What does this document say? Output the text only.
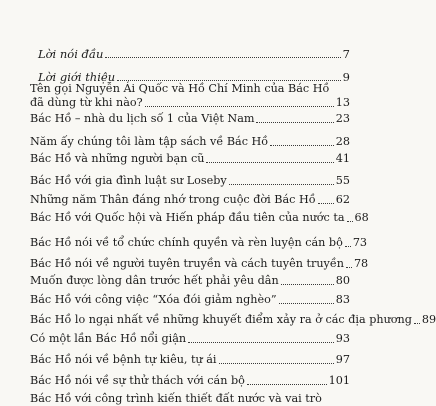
Lời nói đầu	7
Lời giới thiệu	9
Tên gọi Nguyễn Ái Quốc và Hồ Chí Minh của Bác Hồ
đã dùng từ khi nào?	13
Bác Hồ – nhà du lịch số 1 của Việt Nam	23
Năm ấy chúng tôi làm tập sách về Bác Hồ	28
Bác Hồ và những người bạn cũ	41
Bác Hồ với gia đình luật sư Loseby	55
Những năm Thân đáng nhớ trong cuộc đời Bác Hồ 62
Bác Hồ với Quốc hội và Hiến pháp đầu tiên của nước ta 68
Bác Hồ nói về tổ chức chính quyền và rèn luyện cán bộ 73
Bác Hồ nói về người tuyên truyền và cách tuyên truyền 78
Muốn được lòng dân trước hết phải yêu dân	80
Bác Hồ với công việc “Xóa đói giảm nghèo”	83
Bác Hồ lo ngại nhất về những khuyết điểm xảy ra ở các địa phương 89
Có một lần Bác Hồ nổi giận	93
Bác Hồ nói về bệnh tự kiêu, tự ái	97
Bác Hồ nói về sự thử thách với cán bộ	101
Bác Hồ với công trình kiến thiết đất nước và vai trò
